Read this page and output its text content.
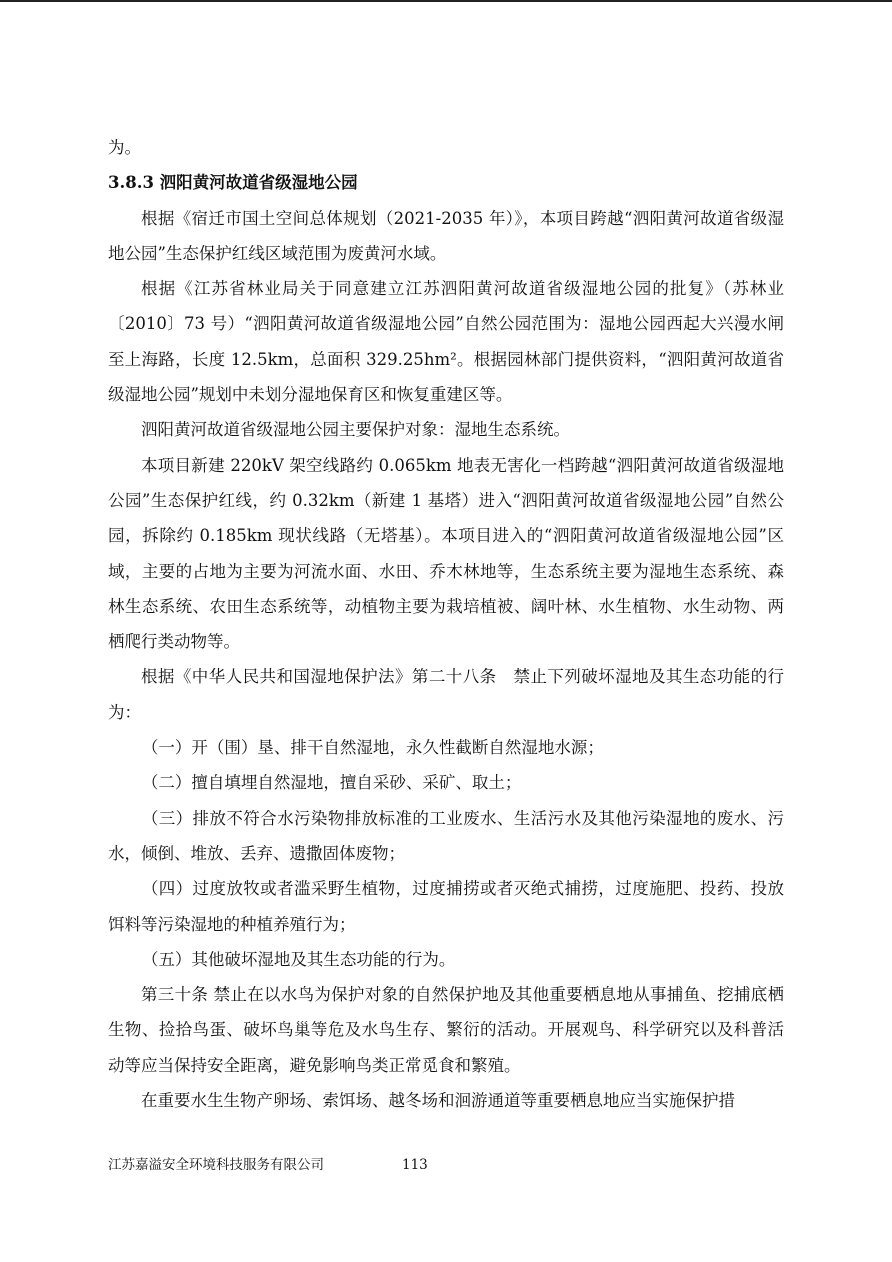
为。

3.8.3 泗阳黄河故道省级湿地公园

根据《宿迁市国土空间总体规划（2021-2035 年）》，本项目跨越“泗阳黄河故道省级湿地公园”生态保护红线区域范围为废黄河水域。

根据《江苏省林业局关于同意建立江苏泗阳黄河故道省级湿地公园的批复》（苏林业〔2010〕73 号）“泗阳黄河故道省级湿地公园”自然公园范围为：湿地公园西起大兴漫水闸至上海路，长度 12.5km，总面积 329.25hm²。根据园林部门提供资料，“泗阳黄河故道省级湿地公园”规划中未划分湿地保育区和恢复重建区等。

泗阳黄河故道省级湿地公园主要保护对象：湿地生态系统。

本项目新建 220kV 架空线路约 0.065km 地表无害化一档跨越“泗阳黄河故道省级湿地公园”生态保护红线，约 0.32km（新建 1 基塔）进入“泗阳黄河故道省级湿地公园”自然公园，拆除约 0.185km 现状线路（无塔基）。本项目进入的“泗阳黄河故道省级湿地公园”区域，主要的占地为主要为河流水面、水田、乔木林地等，生态系统主要为湿地生态系统、森林生态系统、农田生态系统等，动植物主要为栽培植被、阔叶林、水生植物、水生动物、两栖爬行类动物等。

根据《中华人民共和国湿地保护法》第二十八条　禁止下列破坏湿地及其生态功能的行为：

（一）开（围）垦、排干自然湿地，永久性截断自然湿地水源；

（二）擅自填埋自然湿地，擅自采砂、采矿、取土；

（三）排放不符合水污染物排放标准的工业废水、生活污水及其他污染湿地的废水、污水，倾倒、堆放、丢弃、遗撒固体废物；

（四）过度放牧或者滥采野生植物，过度捕捞或者灭绝式捕捞，过度施肥、投药、投放饵料等污染湿地的种植养殖行为；

（五）其他破坏湿地及其生态功能的行为。

第三十条 禁止在以水鸟为保护对象的自然保护地及其他重要栖息地从事捕鱼、挖捕底栖生物、捡拾鸟蛋、破坏鸟巢等危及水鸟生存、繁衍的活动。开展观鸟、科学研究以及科普活动等应当保持安全距离，避免影响鸟类正常觅食和繁殖。

在重要水生生物产卵场、索饵场、越冬场和洄游通道等重要栖息地应当实施保护措

江苏嘉溢安全环境科技服务有限公司	113
